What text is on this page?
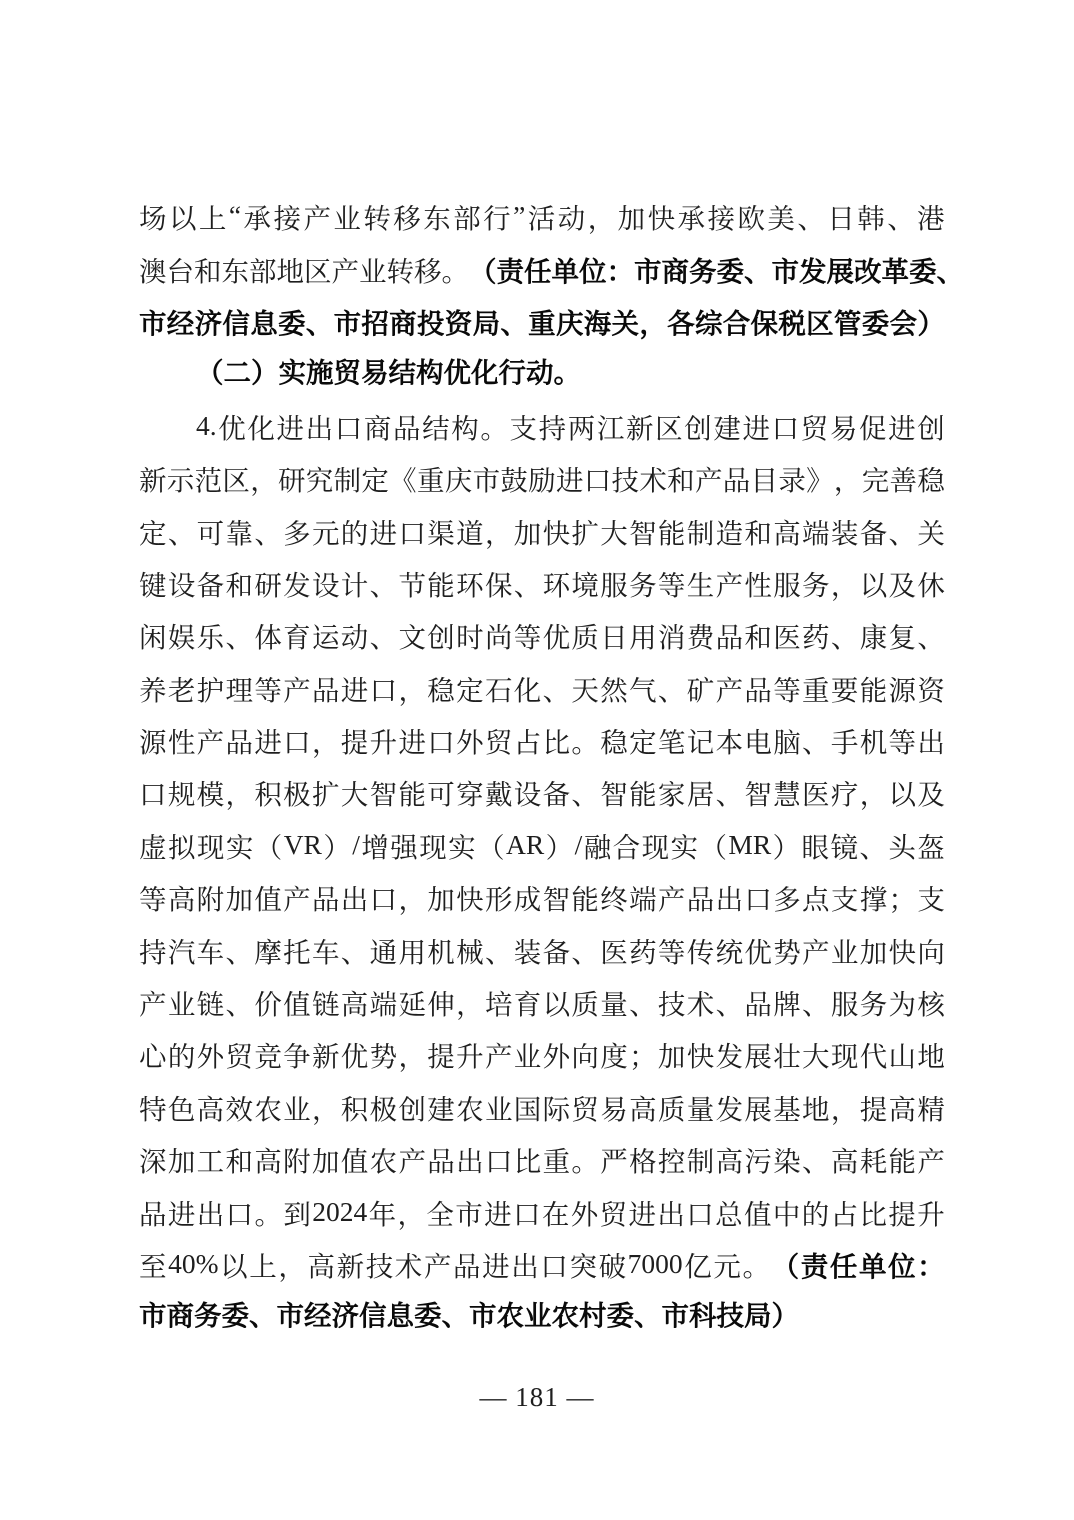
场 以 上 “ 承 接 产 业 转 移 东 部 行 ” 活 动 ， 加 快 承 接 欧 美 、 日 韩 、 港

澳 台 和 东 部 地 区 产 业 转 移 。 （ 责 任 单 位 ： 市 商 务 委 、 市 发 展 改 革 委 、

市 经 济 信 息 委 、 市 招 商 投 资 局 、 重 庆 海 关 ， 各 综 合 保 税 区 管 委 会 ）

（二）实施贸易结构优化行动。

4. 优 化 进 出 口 商 品 结 构 。 支 持 两 江 新 区 创 建 进 口 贸 易 促 进 创

新 示 范 区 ， 研 究 制 定 《 重 庆 市 鼓 励 进 口 技 术 和 产 品 目 录 》 ， 完 善 稳

定 、 可 靠 、 多 元 的 进 口 渠 道 ， 加 快 扩 大 智 能 制 造 和 高 端 装 备 、 关

键 设 备 和 研 发 设 计 、 节 能 环 保 、 环 境 服 务 等 生 产 性 服 务 ， 以 及 休

闲 娱 乐 、 体 育 运 动 、 文 创 时 尚 等 优 质 日 用 消 费 品 和 医 药 、 康 复 、

养 老 护 理 等 产 品 进 口 ， 稳 定 石 化 、 天 然 气 、 矿 产 品 等 重 要 能 源 资

源 性 产 品 进 口 ， 提 升 进 口 外 贸 占 比 。 稳 定 笔 记 本 电 脑 、 手 机 等 出

口 规 模 ， 积 极 扩 大 智 能 可 穿 戴 设 备 、 智 能 家 居 、 智 慧 医 疗 ， 以 及

虚 拟 现 实 （ VR ） / 增 强 现 实 （ AR ） / 融 合 现 实 （ MR ） 眼 镜 、 头 盔

等 高 附 加 值 产 品 出 口 ， 加 快 形 成 智 能 终 端 产 品 出 口 多 点 支 撑 ； 支

持 汽 车 、 摩 托 车 、 通 用 机 械 、 装 备 、 医 药 等 传 统 优 势 产 业 加 快 向

产 业 链 、 价 值 链 高 端 延 伸 ， 培 育 以 质 量 、 技 术 、 品 牌 、 服 务 为 核

心 的 外 贸 竞 争 新 优 势 ， 提 升 产 业 外 向 度 ； 加 快 发 展 壮 大 现 代 山 地

特 色 高 效 农 业 ， 积 极 创 建 农 业 国 际 贸 易 高 质 量 发 展 基 地 ， 提 高 精

深 加 工 和 高 附 加 值 农 产 品 出 口 比 重 。 严 格 控 制 高 污 染 、 高 耗 能 产

品 进 出 口 。 到 2024 年 ， 全 市 进 口 在 外 贸 进 出 口 总 值 中 的 占 比 提 升

至 40% 以 上 ， 高 新 技 术 产 品 进 出 口 突 破 7000 亿 元 。 （ 责 任 单 位 ：

市商务委、市经济信息委、市农业农村委、市科技局）

— 181 —
